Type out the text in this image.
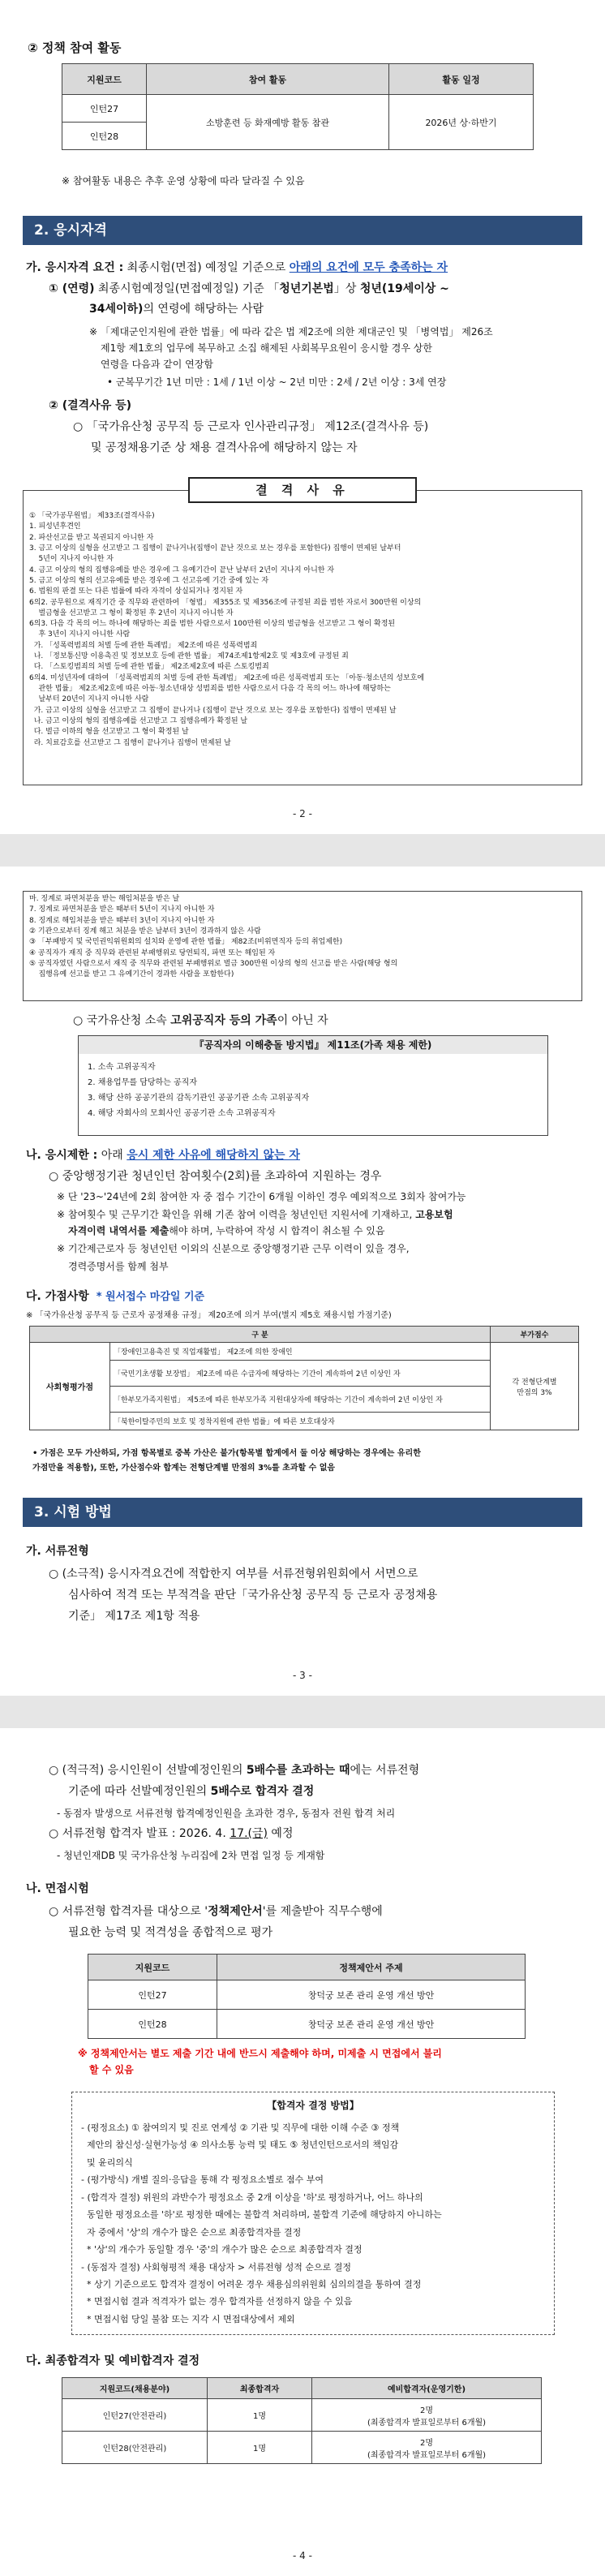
② 정책 참여 활동
지원코드	참여 활동	활동 일정
인턴27	소방훈련 등 화재예방 활동 참관	2026년 상·하반기
인턴28		
※ 참여활동 내용은 추후 운영 상황에 따라 달라질 수 있음
2. 응시자격
가. 응시자격 요건 : 최종시험(면접) 예정일 기준으로 아래의 요건에 모두 충족하는 자
① (연령) 최종시험예정일(면접예정일) 기준 「청년기본법」상 청년(19세이상 ~
34세이하)의 연령에 해당하는 사람
※ 「제대군인지원에 관한 법률」에 따라 같은 법 제2조에 의한 제대군인 및 「병역법」 제26조
제1항 제1호의 업무에 복무하고 소집 해제된 사회복무요원이 응시할 경우 상한
연령을 다음과 같이 연장함
• 군복무기간 1년 미만 : 1세 / 1년 이상 ~ 2년 미만 : 2세 / 2년 이상 : 3세 연장
② (결격사유 등)
○ 「국가유산청 공무직 등 근로자 인사관리규정」 제12조(결격사유 등)
및 공정채용기준 상 채용 결격사유에 해당하지 않는 자
결 격 사 유
① 「국가공무원법」 제33조(결격사유)
1. 피성년후견인
2. 파산선고를 받고 복권되지 아니한 자
3. 금고 이상의 실형을 선고받고 그 집행이 끝나거나(집행이 끝난 것으로 보는 경우를 포함한다) 집행이 면제된 날부터
5년이 지나지 아니한 자
4. 금고 이상의 형의 집행유예를 받은 경우에 그 유예기간이 끝난 날부터 2년이 지나지 아니한 자
5. 금고 이상의 형의 선고유예를 받은 경우에 그 선고유예 기간 중에 있는 자
6. 법원의 판결 또는 다른 법률에 따라 자격이 상실되거나 정지된 자
6의2. 공무원으로 재직기간 중 직무와 관련하여 「형법」 제355조 및 제356조에 규정된 죄를 범한 자로서 300만원 이상의
벌금형을 선고받고 그 형이 확정된 후 2년이 지나지 아니한 자
6의3. 다음 각 목의 어느 하나에 해당하는 죄를 범한 사람으로서 100만원 이상의 벌금형을 선고받고 그 형이 확정된
후 3년이 지나지 아니한 사람
가. 「성폭력범죄의 처벌 등에 관한 특례법」 제2조에 따른 성폭력범죄
나. 「정보통신망 이용촉진 및 정보보호 등에 관한 법률」 제74조제1항제2호 및 제3호에 규정된 죄
다. 「스토킹범죄의 처벌 등에 관한 법률」 제2조제2호에 따른 스토킹범죄
6의4. 미성년자에 대하여 「성폭력범죄의 처벌 등에 관한 특례법」 제2조에 따른 성폭력범죄 또는 「아동·청소년의 성보호에
관한 법률」 제2조제2호에 따른 아동·청소년대상 성범죄를 범한 사람으로서 다음 각 목의 어느 하나에 해당하는
날부터 20년이 지나지 아니한 사람
가. 금고 이상의 실형을 선고받고 그 집행이 끝나거나 (집행이 끝난 것으로 보는 경우를 포함한다) 집행이 면제된 날
나. 금고 이상의 형의 집행유예를 선고받고 그 집행유예가 확정된 날
다. 벌금 이하의 형을 선고받고 그 형이 확정된 날
라. 치료감호를 선고받고 그 집행이 끝나거나 집행이 면제된 날
- 2 -
마. 징계로 파면처분을 받는 해임처분을 받은 날
7. 징계로 파면처분을 받은 때부터 5년이 지나지 아니한 자
8. 징계로 해임처분을 받은 때부터 3년이 지나지 아니한 자
② 기관으로부터 징계 해고 처분을 받은 날부터 3년이 경과하지 않은 사람
③ 「부패방지 및 국민권익위원회의 설치와 운영에 관한 법률」 제82조(비위면직자 등의 취업제한)
④ 공직자가 재직 중 직무와 관련된 부패행위로 당연퇴직, 파면 또는 해임된 자
⑤ 공직자였던 사람으로서 재직 중 직무와 관련된 부패행위로 벌금 300만원 이상의 형의 선고를 받은 사람(해당 형의
집행유예 선고를 받고 그 유예기간이 경과한 사람을 포함한다)
○ 국가유산청 소속 고위공직자 등의 가족이 아닌 자
『공직자의 이해충돌 방지법』 제11조(가족 채용 제한)
1. 소속 고위공직자
2. 채용업무를 담당하는 공직자
3. 해당 산하 공공기관의 감독기관인 공공기관 소속 고위공직자
4. 해당 자회사의 모회사인 공공기관 소속 고위공직자
나. 응시제한 : 아래 응시 제한 사유에 해당하지 않는 자
○ 중앙행정기관 청년인턴 참여횟수(2회)를 초과하여 지원하는 경우
※ 단 '23~'24년에 2회 참여한 자 중 접수 기간이 6개월 이하인 경우 예외적으로 3회자 참여가능
※ 참여횟수 및 근무기간 확인을 위해 기존 참여 이력을 청년인턴 지원서에 기재하고, 고용보험
자격이력 내역서를 제출해야 하며, 누락하여 작성 시 합격이 취소될 수 있음
※ 기간제근로자 등 청년인턴 이외의 신분으로 중앙행정기관 근무 이력이 있을 경우,
경력증명서를 함께 첨부
다. 가점사항 * 원서접수 마감일 기준
※ 「국가유산청 공무직 등 근로자 공정채용 규정」 제20조에 의거 부여(별지 제5호 채용시험 가점기준)
구 분		부가점수
사회형평가점	「장애인고용촉진 및 직업재활법」 제2조에 의한 장애인	각 전형단계별
만점의 3%

	「국민기초생활 보장법」 제2조에 따른 수급자에 해당하는 기간이 계속하여 2년 이상인 자	
	「한부모가족지원법」 제5조에 따른 한부모가족 지원대상자에 해당하는 기간이 계속하여 2년 이상인 자	
	「북한이탈주민의 보호 및 정착지원에 관한 법률」에 따른 보호대상자	
• 가점은 모두 가산하되, 가점 항목별로 중복 가산은 불가(항목별 합계에서 둘 이상 해당하는 경우에는 유리한
가점만을 적용함), 또한, 가산점수와 합계는 전형단계별 만점의 3%를 초과할 수 없음
3. 시험 방법
가. 서류전형
○ (소극적) 응시자격요건에 적합한지 여부를 서류전형위원회에서 서면으로
심사하여 적격 또는 부적격을 판단「국가유산청 공무직 등 근로자 공정채용
기준」 제17조 제1항 적용
- 3 -
○ (적극적) 응시인원이 선발예정인원의 5배수를 초과하는 때에는 서류전형
기준에 따라 선발예정인원의 5배수로 합격자 결정
- 동점자 발생으로 서류전형 합격예정인원을 초과한 경우, 동점자 전원 합격 처리
○ 서류전형 합격자 발표 : 2026. 4. 17.(금) 예정
- 청년인재DB 및 국가유산청 누리집에 2차 면접 일정 등 게재함
나. 면접시험
○ 서류전형 합격자를 대상으로 '정책제안서'를 제출받아 직무수행에
필요한 능력 및 적격성을 종합적으로 평가
지원코드	정책제안서 주제
인턴27	창덕궁 보존 관리 운영 개선 방안
인턴28	창덕궁 보존 관리 운영 개선 방안
※ 정책제안서는 별도 제출 기간 내에 반드시 제출해야 하며, 미제출 시 면접에서 불리
할 수 있음
【합격자 결정 방법】
- (평정요소) ① 참여의지 및 진로 연계성 ② 기관 및 직무에 대한 이해 수준 ③ 정책
제안의 참신성·실현가능성 ④ 의사소통 능력 및 태도 ⑤ 청년인턴으로서의 책임감
및 윤리의식
- (평가방식) 개별 질의·응답을 통해 각 평정요소별로 점수 부여
- (합격자 결정) 위원의 과반수가 평정요소 중 2개 이상을 '하'로 평정하거나, 어느 하나의
동일한 평정요소를 '하'로 평정한 때에는 불합격 처리하며, 불합격 기준에 해당하지 아니하는
자 중에서 '상'의 개수가 많은 순으로 최종합격자를 결정
* '상'의 개수가 동일할 경우 '중'의 개수가 많은 순으로 최종합격자 결정
- (동점자 결정) 사회형평적 채용 대상자 > 서류전형 성적 순으로 결정
* 상기 기준으로도 합격자 결정이 어려운 경우 채용심의위원회 심의의결을 통하여 결정
* 면접시험 결과 적격자가 없는 경우 합격자를 선정하지 않을 수 있음
* 면접시험 당일 불참 또는 지각 시 면접대상에서 제외
다. 최종합격자 및 예비합격자 결정
지원코드(채용분야)	최종합격자	예비합격자(운영기한)
인턴27(안전관리)	1명	2명
(최종합격자 발표일로부터 6개월)

인턴28(안전관리)	1명	2명
(최종합격자 발표일로부터 6개월)
- 4 -
